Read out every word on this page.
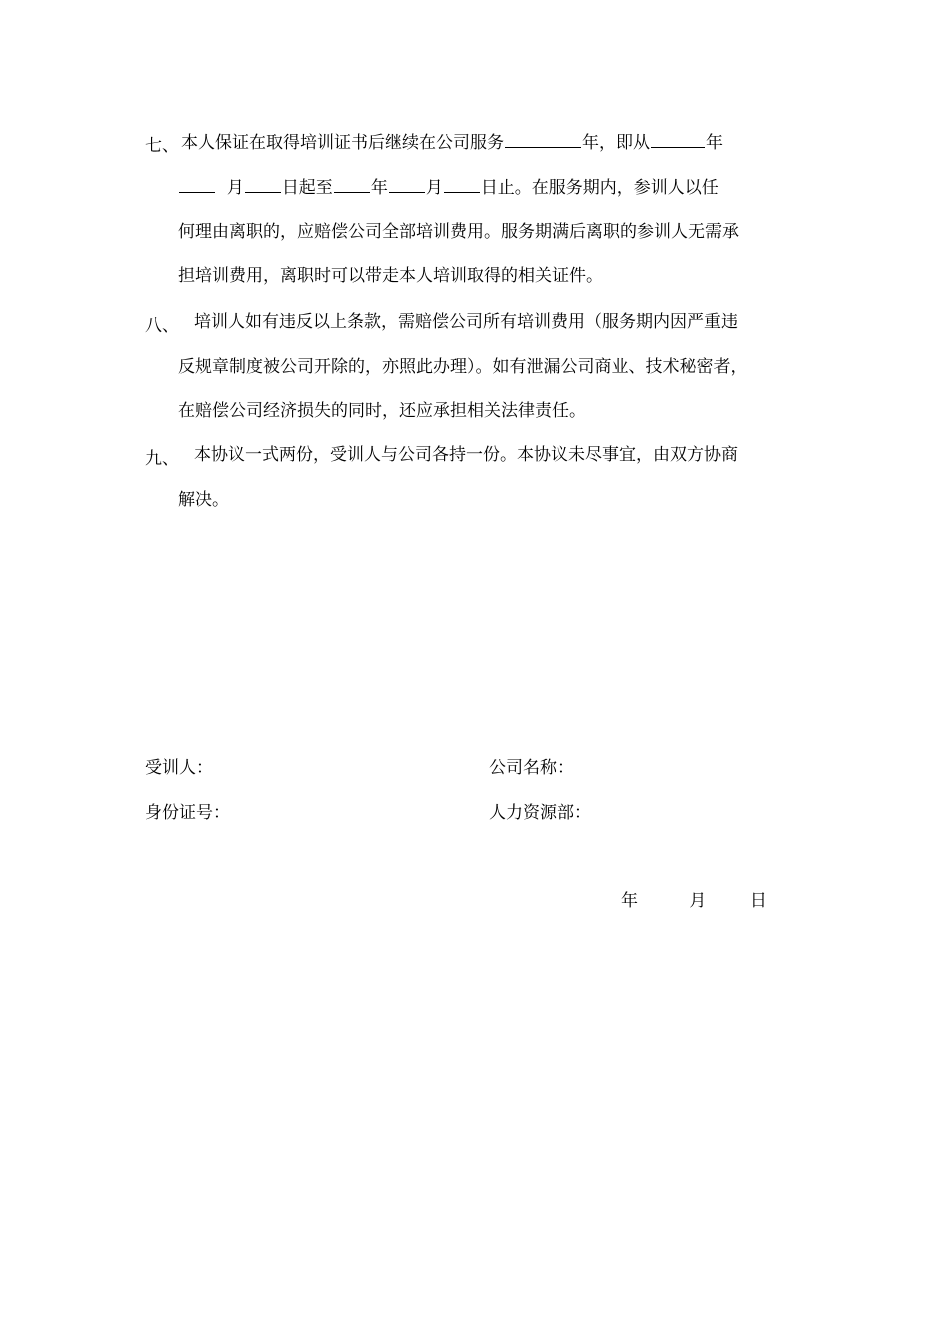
七、 本人保证在取得培训证书后继续在公司服务	年，即从	年
月 日起至 年 月 日止。在服务期内，参训人以任
何理由离职的，应赔偿公司全部培训费用。服务期满后离职的参训人无需承
担培训费用，离职时可以带走本人培训取得的相关证件。
八、 培训人如有违反以上条款，需赔偿公司所有培训费用（服务期内因严重违
反规章制度被公司开除的，亦照此办理）。如有泄漏公司商业、技术秘密者，
在赔偿公司经济损失的同时，还应承担相关法律责任。
九、 本协议一式两份，受训人与公司各持一份。本协议未尽事宜，由双方协商
解决。
受训人：	公司名称：
身份证号：	人力资源部：
年	月	日
